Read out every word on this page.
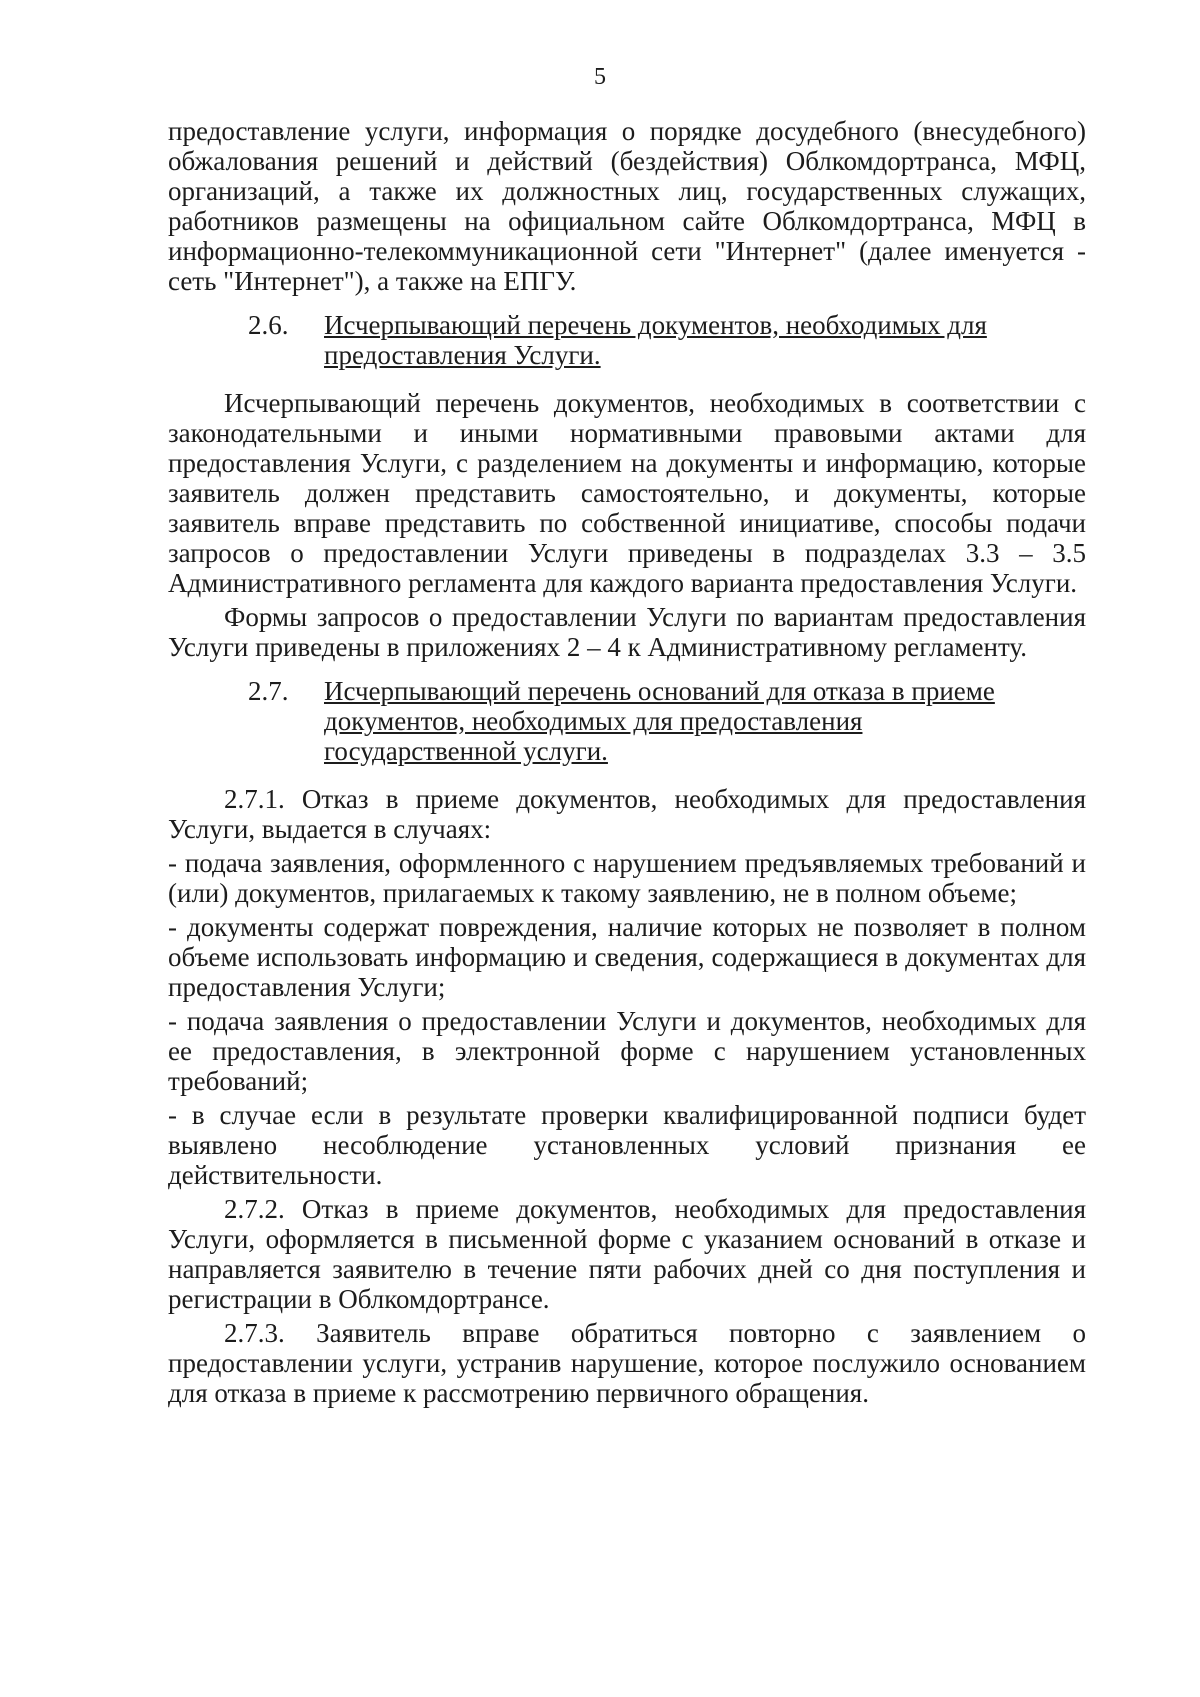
5

предоставление услуги, информация о порядке досудебного (внесудебного) обжалования решений и действий (бездействия) Облкомдортранса, МФЦ, организаций, а также их должностных лиц, государственных служащих, работников размещены на официальном сайте Облкомдортранса, МФЦ в информационно-телекоммуникационной сети "Интернет" (далее именуется - сеть "Интернет"), а также на ЕПГУ.

2.6.	Исчерпывающий перечень документов, необходимых для предоставления Услуги.

Исчерпывающий перечень документов, необходимых в соответствии с законодательными и иными нормативными правовыми актами для предоставления Услуги, с разделением на документы и информацию, которые заявитель должен представить самостоятельно, и документы, которые заявитель вправе представить по собственной инициативе, способы подачи запросов о предоставлении Услуги приведены в подразделах 3.3 – 3.5 Административного регламента для каждого варианта предоставления Услуги.

Формы запросов о предоставлении Услуги по вариантам предоставления Услуги приведены в приложениях 2 – 4 к Административному регламенту.

2.7.	Исчерпывающий перечень оснований для отказа в приеме документов, необходимых для предоставления государственной услуги.

2.7.1. Отказ в приеме документов, необходимых для предоставления Услуги, выдается в случаях:

- подача заявления, оформленного с нарушением предъявляемых требований и (или) документов, прилагаемых к такому заявлению, не в полном объеме;

- документы содержат повреждения, наличие которых не позволяет в полном объеме использовать информацию и сведения, содержащиеся в документах для предоставления Услуги;

- подача заявления о предоставлении Услуги и документов, необходимых для ее предоставления, в электронной форме с нарушением установленных требований;

- в случае если в результате проверки квалифицированной подписи будет выявлено несоблюдение установленных условий признания ее действительности.

2.7.2. Отказ в приеме документов, необходимых для предоставления Услуги, оформляется в письменной форме с указанием оснований в отказе и направляется заявителю в течение пяти рабочих дней со дня поступления и регистрации в Облкомдортрансе.

2.7.3. Заявитель вправе обратиться повторно с заявлением о предоставлении услуги, устранив нарушение, которое послужило основанием для отказа в приеме к рассмотрению первичного обращения.
